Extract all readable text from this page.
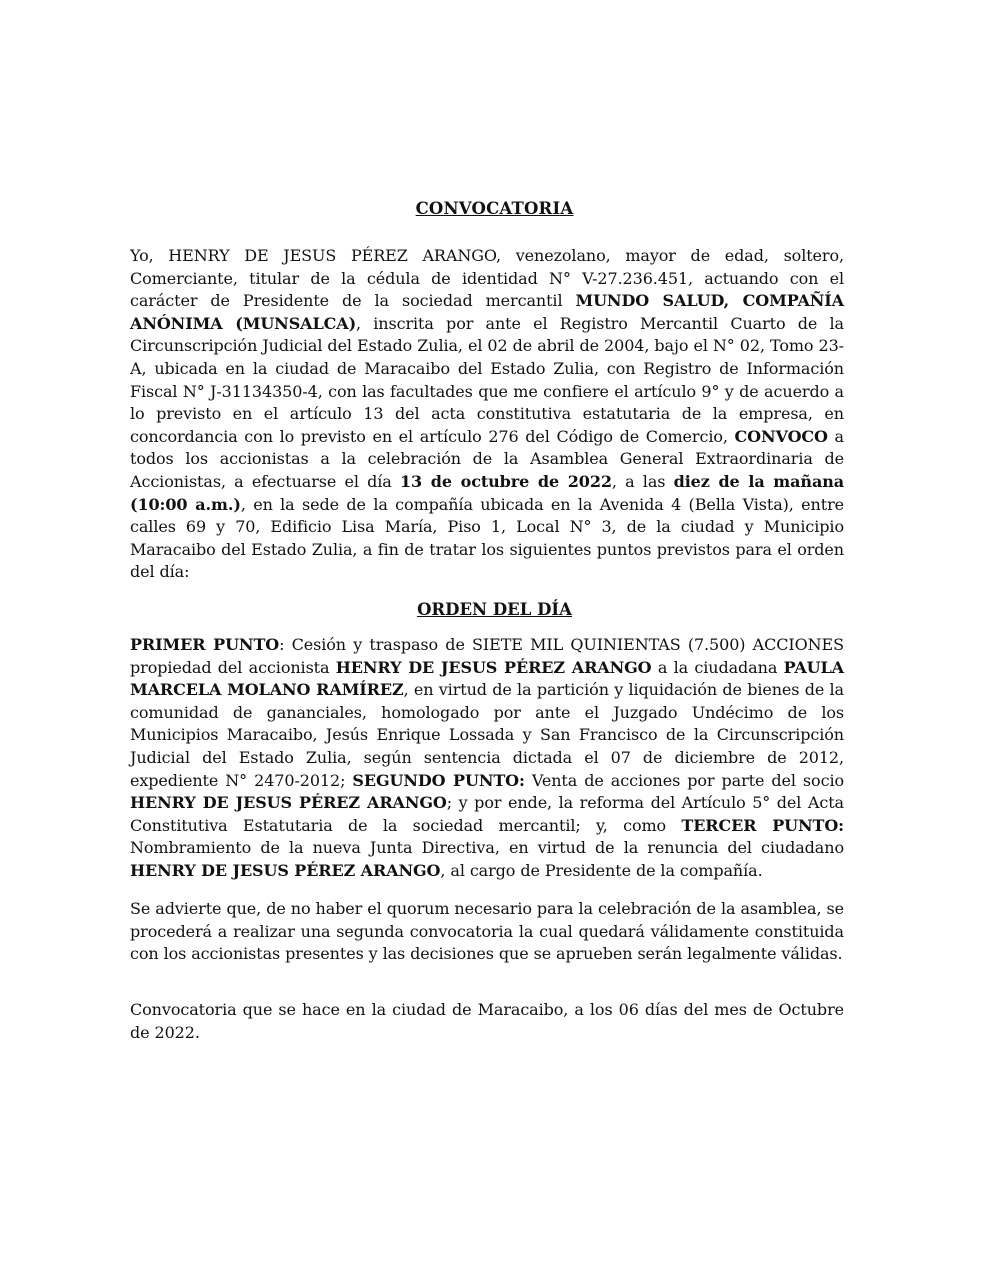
CONVOCATORIA
Yo, HENRY DE JESUS PÉREZ ARANGO, venezolano, mayor de edad, soltero, Comerciante, titular de la cédula de identidad N° V-27.236.451, actuando con el carácter de Presidente de la sociedad mercantil MUNDO SALUD, COMPAÑÍA ANÓNIMA (MUNSALCA), inscrita por ante el Registro Mercantil Cuarto de la Circunscripción Judicial del Estado Zulia, el 02 de abril de 2004, bajo el N° 02, Tomo 23-A, ubicada en la ciudad de Maracaibo del Estado Zulia, con Registro de Información Fiscal N° J-31134350-4, con las facultades que me confiere el artículo 9° y de acuerdo a lo previsto en el artículo 13 del acta constitutiva estatutaria de la empresa, en concordancia con lo previsto en el artículo 276 del Código de Comercio, CONVOCO a todos los accionistas a la celebración de la Asamblea General Extraordinaria de Accionistas, a efectuarse el día 13 de octubre de 2022, a las diez de la mañana (10:00 a.m.), en la sede de la compañía ubicada en la Avenida 4 (Bella Vista), entre calles 69 y 70, Edificio Lisa María, Piso 1, Local N° 3, de la ciudad y Municipio Maracaibo del Estado Zulia, a fin de tratar los siguientes puntos previstos para el orden del día:
ORDEN DEL DÍA
PRIMER PUNTO: Cesión y traspaso de SIETE MIL QUINIENTAS (7.500) ACCIONES propiedad del accionista HENRY DE JESUS PÉREZ ARANGO a la ciudadana PAULA MARCELA MOLANO RAMÍREZ, en virtud de la partición y liquidación de bienes de la comunidad de gananciales, homologado por ante el Juzgado Undécimo de los Municipios Maracaibo, Jesús Enrique Lossada y San Francisco de la Circunscripción Judicial del Estado Zulia, según sentencia dictada el 07 de diciembre de 2012, expediente N° 2470-2012; SEGUNDO PUNTO: Venta de acciones por parte del socio HENRY DE JESUS PÉREZ ARANGO; y por ende, la reforma del Artículo 5° del Acta Constitutiva Estatutaria de la sociedad mercantil; y, como TERCER PUNTO: Nombramiento de la nueva Junta Directiva, en virtud de la renuncia del ciudadano HENRY DE JESUS PÉREZ ARANGO, al cargo de Presidente de la compañía.
Se advierte que, de no haber el quorum necesario para la celebración de la asamblea, se procederá a realizar una segunda convocatoria la cual quedará válidamente constituida con los accionistas presentes y las decisiones que se aprueben serán legalmente válidas.
Convocatoria que se hace en la ciudad de Maracaibo, a los 06 días del mes de Octubre de 2022.
